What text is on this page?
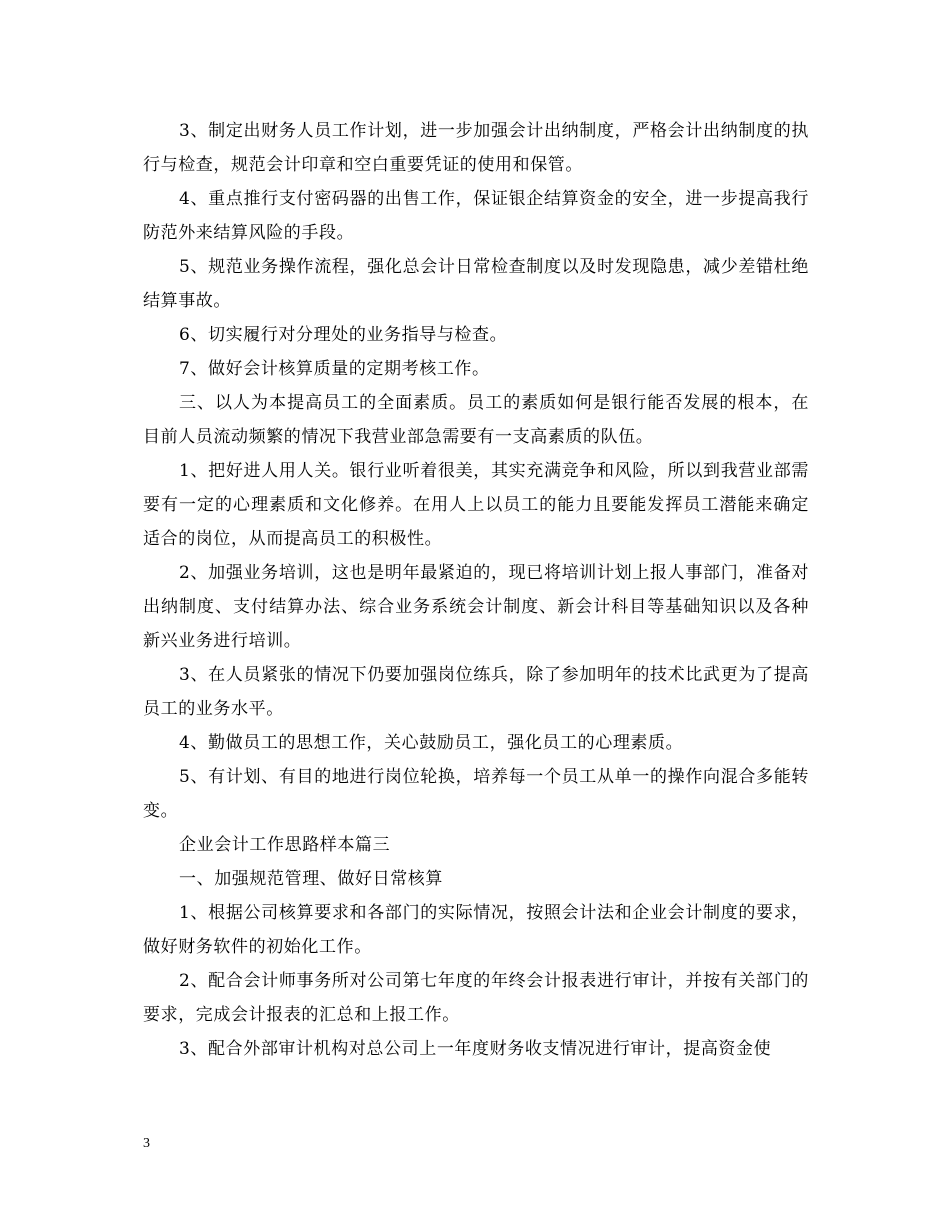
3、制定出财务人员工作计划，进一步加强会计出纳制度，严格会计出纳制度的执行与检查，规范会计印章和空白重要凭证的使用和保管。

4、重点推行支付密码器的出售工作，保证银企结算资金的安全，进一步提高我行防范外来结算风险的手段。

5、规范业务操作流程，强化总会计日常检查制度以及时发现隐患，减少差错杜绝结算事故。

6、切实履行对分理处的业务指导与检查。

7、做好会计核算质量的定期考核工作。

三、以人为本提高员工的全面素质。员工的素质如何是银行能否发展的根本，在目前人员流动频繁的情况下我营业部急需要有一支高素质的队伍。

1、把好进人用人关。银行业听着很美，其实充满竞争和风险，所以到我营业部需要有一定的心理素质和文化修养。在用人上以员工的能力且要能发挥员工潜能来确定适合的岗位，从而提高员工的积极性。

2、加强业务培训，这也是明年最紧迫的，现已将培训计划上报人事部门，准备对出纳制度、支付结算办法、综合业务系统会计制度、新会计科目等基础知识以及各种新兴业务进行培训。

3、在人员紧张的情况下仍要加强岗位练兵，除了参加明年的技术比武更为了提高员工的业务水平。

4、勤做员工的思想工作，关心鼓励员工，强化员工的心理素质。

5、有计划、有目的地进行岗位轮换，培养每一个员工从单一的操作向混合多能转变。

企业会计工作思路样本篇三

一、加强规范管理、做好日常核算

1、根据公司核算要求和各部门的实际情况，按照会计法和企业会计制度的要求，做好财务软件的初始化工作。

2、配合会计师事务所对公司第七年度的年终会计报表进行审计，并按有关部门的要求，完成会计报表的汇总和上报工作。

3、配合外部审计机构对总公司上一年度财务收支情况进行审计，提高资金使

3
